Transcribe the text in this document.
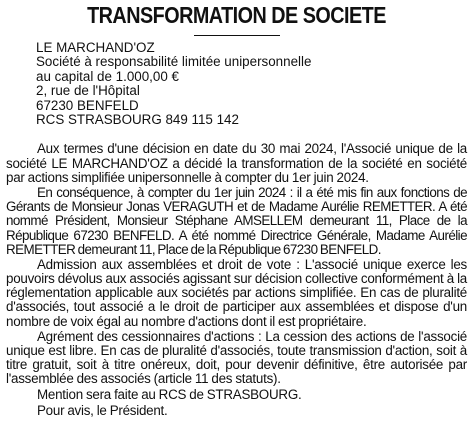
TRANSFORMATION DE SOCIETE
LE MARCHAND'OZ
Société à responsabilité limitée unipersonnelle
au capital de 1.000,00 €
2, rue de l'Hôpital
67230 BENFELD
RCS STRASBOURG 849 115 142

Aux termes d'une décision en date du 30 mai 2024, l'Associé unique de la société LE MARCHAND'OZ a décidé la transformation de la société en société par actions simplifiée unipersonnelle à compter du 1er juin 2024.

En conséquence, à compter du 1er juin 2024 : il a été mis fin aux fonctions de Gérants de Monsieur Jonas VERAGUTH et de Madame Aurélie REMETTER. A été nommé Président, Monsieur Stéphane AMSELLEM demeurant 11, Place de la République 67230 BENFELD. A été nommé Directrice Générale, Madame Aurélie REMETTER demeurant 11, Place de la République 67230 BENFELD.

Admission aux assemblées et droit de vote : L'associé unique exerce les pouvoirs dévolus aux associés agissant sur décision collective conformément à la réglementation applicable aux sociétés par actions simplifiée. En cas de pluralité d'associés, tout associé a le droit de participer aux assemblées et dispose d'un nombre de voix égal au nombre d'actions dont il est propriétaire.

Agrément des cessionnaires d'actions : La cession des actions de l'associé unique est libre. En cas de pluralité d'associés, toute transmission d'action, soit à titre gratuit, soit à titre onéreux, doit, pour devenir définitive, être autorisée par l'assemblée des associés (article 11 des statuts).

Mention sera faite au RCS de STRASBOURG.

Pour avis, le Président.
